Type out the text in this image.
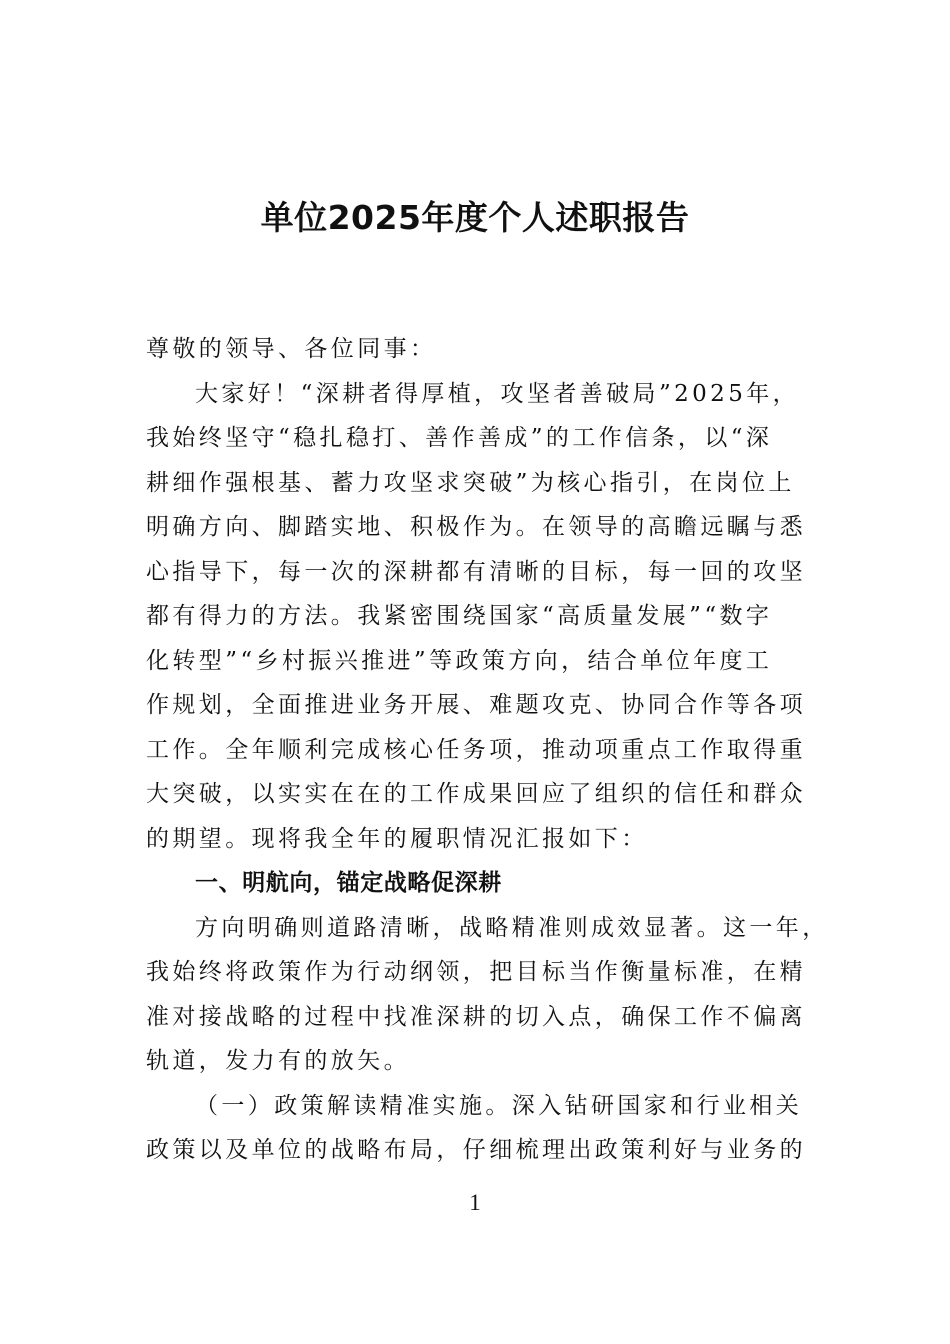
单位2025年度个人述职报告
尊敬的领导、各位同事：
大家好！“深耕者得厚植，攻坚者善破局”2025年，
我始终坚守“稳扎稳打、善作善成”的工作信条，以“深
耕细作强根基、蓄力攻坚求突破”为核心指引，在岗位上
明确方向、脚踏实地、积极作为。在领导的高瞻远瞩与悉
心指导下，每一次的深耕都有清晰的目标，每一回的攻坚
都有得力的方法。我紧密围绕国家“高质量发展”“数字
化转型”“乡村振兴推进”等政策方向，结合单位年度工
作规划，全面推进业务开展、难题攻克、协同合作等各项
工作。全年顺利完成核心任务项，推动项重点工作取得重
大突破，以实实在在的工作成果回应了组织的信任和群众
的期望。现将我全年的履职情况汇报如下：
一、明航向，锚定战略促深耕
方向明确则道路清晰，战略精准则成效显著。这一年，
我始终将政策作为行动纲领，把目标当作衡量标准，在精
准对接战略的过程中找准深耕的切入点，确保工作不偏离
轨道，发力有的放矢。
（一）政策解读精准实施。深入钻研国家和行业相关
政策以及单位的战略布局，仔细梳理出政策利好与业务的
1
